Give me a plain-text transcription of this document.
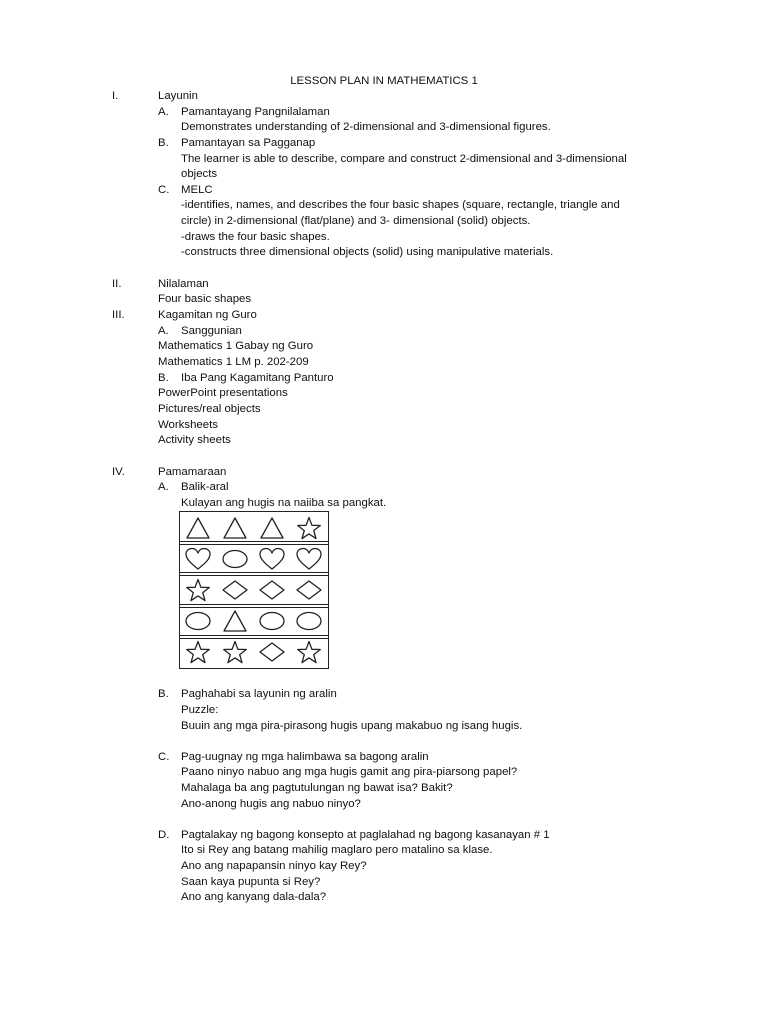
LESSON PLAN IN MATHEMATICS 1
I.	Layunin
A. Pamantayang Pangnilalaman
Demonstrates understanding of 2-dimensional and 3-dimensional figures.
B. Pamantayan sa Pagganap
The learner is able to describe, compare and construct 2-dimensional and 3-dimensional
objects
C. MELC
-identifies, names, and describes the four basic shapes (square, rectangle, triangle and
circle) in 2-dimensional (flat/plane) and 3- dimensional (solid) objects.
-draws the four basic shapes.
-constructs three dimensional objects (solid) using manipulative materials.
II.	Nilalaman
Four basic shapes
III.	Kagamitan ng Guro
A. Sanggunian
Mathematics 1 Gabay ng Guro
Mathematics 1 LM p. 202-209
B. Iba Pang Kagamitang Panturo
PowerPoint presentations
Pictures/real objects
Worksheets
Activity sheets
IV.	Pamamaraan
A. Balik-aral
Kulayan ang hugis na naiiba sa pangkat.
B. Paghahabi sa layunin ng aralin
Puzzle:
Buuin ang mga pira-pirasong hugis upang makabuo ng isang hugis.
C. Pag-uugnay ng mga halimbawa sa bagong aralin
Paano ninyo nabuo ang mga hugis gamit ang pira-piarsong papel?
Mahalaga ba ang pagtutulungan ng bawat isa? Bakit?
Ano-anong hugis ang nabuo ninyo?
D. Pagtalakay ng bagong konsepto at paglalahad ng bagong kasanayan # 1
Ito si Rey ang batang mahilig maglaro pero matalino sa klase.
Ano ang napapansin ninyo kay Rey?
Saan kaya pupunta si Rey?
Ano ang kanyang dala-dala?
